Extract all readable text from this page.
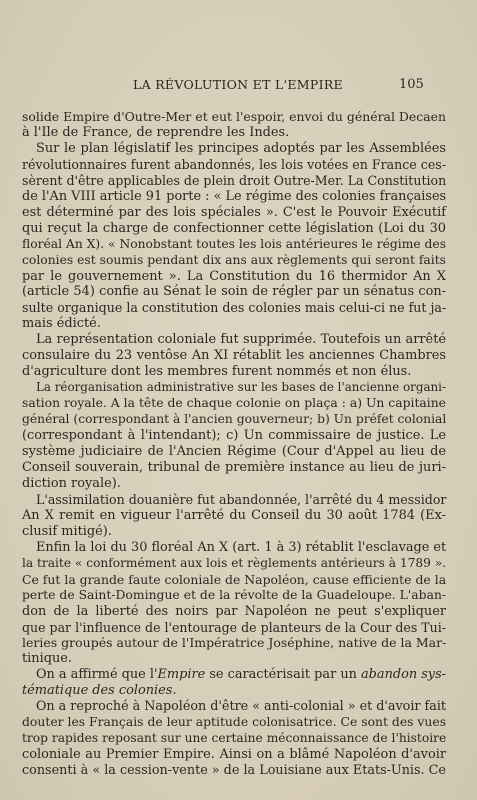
LA RÉVOLUTION ET L'EMPIRE	105
solide Empire d'Outre-Mer et eut l'espoir, envoi du général Decaen
à l'Ile de France, de reprendre les Indes.
Sur le plan législatif les principes adoptés par les Assemblées
révolutionnaires furent abandonnés, les lois votées en France ces-
sèrent d'être applicables de plein droit Outre-Mer. La Constitution
de l'An VIII article 91 porte : « Le régime des colonies françaises
est déterminé par des lois spéciales ». C'est le Pouvoir Exécutif
qui reçut la charge de confectionner cette législation (Loi du 30
floréal An X). « Nonobstant toutes les lois antérieures le régime des
colonies est soumis pendant dix ans aux règlements qui seront faits
par le gouvernement ». La Constitution du 16 thermidor An X
(article 54) confie au Sénat le soin de régler par un sénatus con-
sulte organique la constitution des colonies mais celui-ci ne fut ja-
mais édicté.
La représentation coloniale fut supprimée. Toutefois un arrêté
consulaire du 23 ventôse An XI rétablit les anciennes Chambres
d'agriculture dont les membres furent nommés et non élus.
La réorganisation administrative sur les bases de l'ancienne organi-
sation royale. A la tête de chaque colonie on plaça : a) Un capitaine
général (correspondant à l'ancien gouverneur; b) Un préfet colonial
(correspondant à l'intendant); c) Un commissaire de justice. Le
système judiciaire de l'Ancien Régime (Cour d'Appel au lieu de
Conseil souverain, tribunal de première instance au lieu de juri-
diction royale).
L'assimilation douanière fut abandonnée, l'arrêté du 4 messidor
An X remit en vigueur l'arrêté du Conseil du 30 août 1784 (Ex-
clusif mitigé).
Enfin la loi du 30 floréal An X (art. 1 à 3) rétablit l'esclavage et
la traite « conformément aux lois et règlements antérieurs à 1789 ».
Ce fut la grande faute coloniale de Napoléon, cause efficiente de la
perte de Saint-Domingue et de la révolte de la Guadeloupe. L'aban-
don de la liberté des noirs par Napoléon ne peut s'expliquer
que par l'influence de l'entourage de planteurs de la Cour des Tui-
leries groupés autour de l'Impératrice Joséphine, native de la Mar-
tinique.
On a affirmé que l'Empire se caractérisait par un abandon sys-
tématique des colonies.
On a reproché à Napoléon d'être « anti-colonial » et d'avoir fait
douter les Français de leur aptitude colonisatrice. Ce sont des vues
trop rapides reposant sur une certaine méconnaissance de l'histoire
coloniale au Premier Empire. Ainsi on a blâmé Napoléon d'avoir
consenti à « la cession-vente » de la Louisiane aux Etats-Unis. Ce
